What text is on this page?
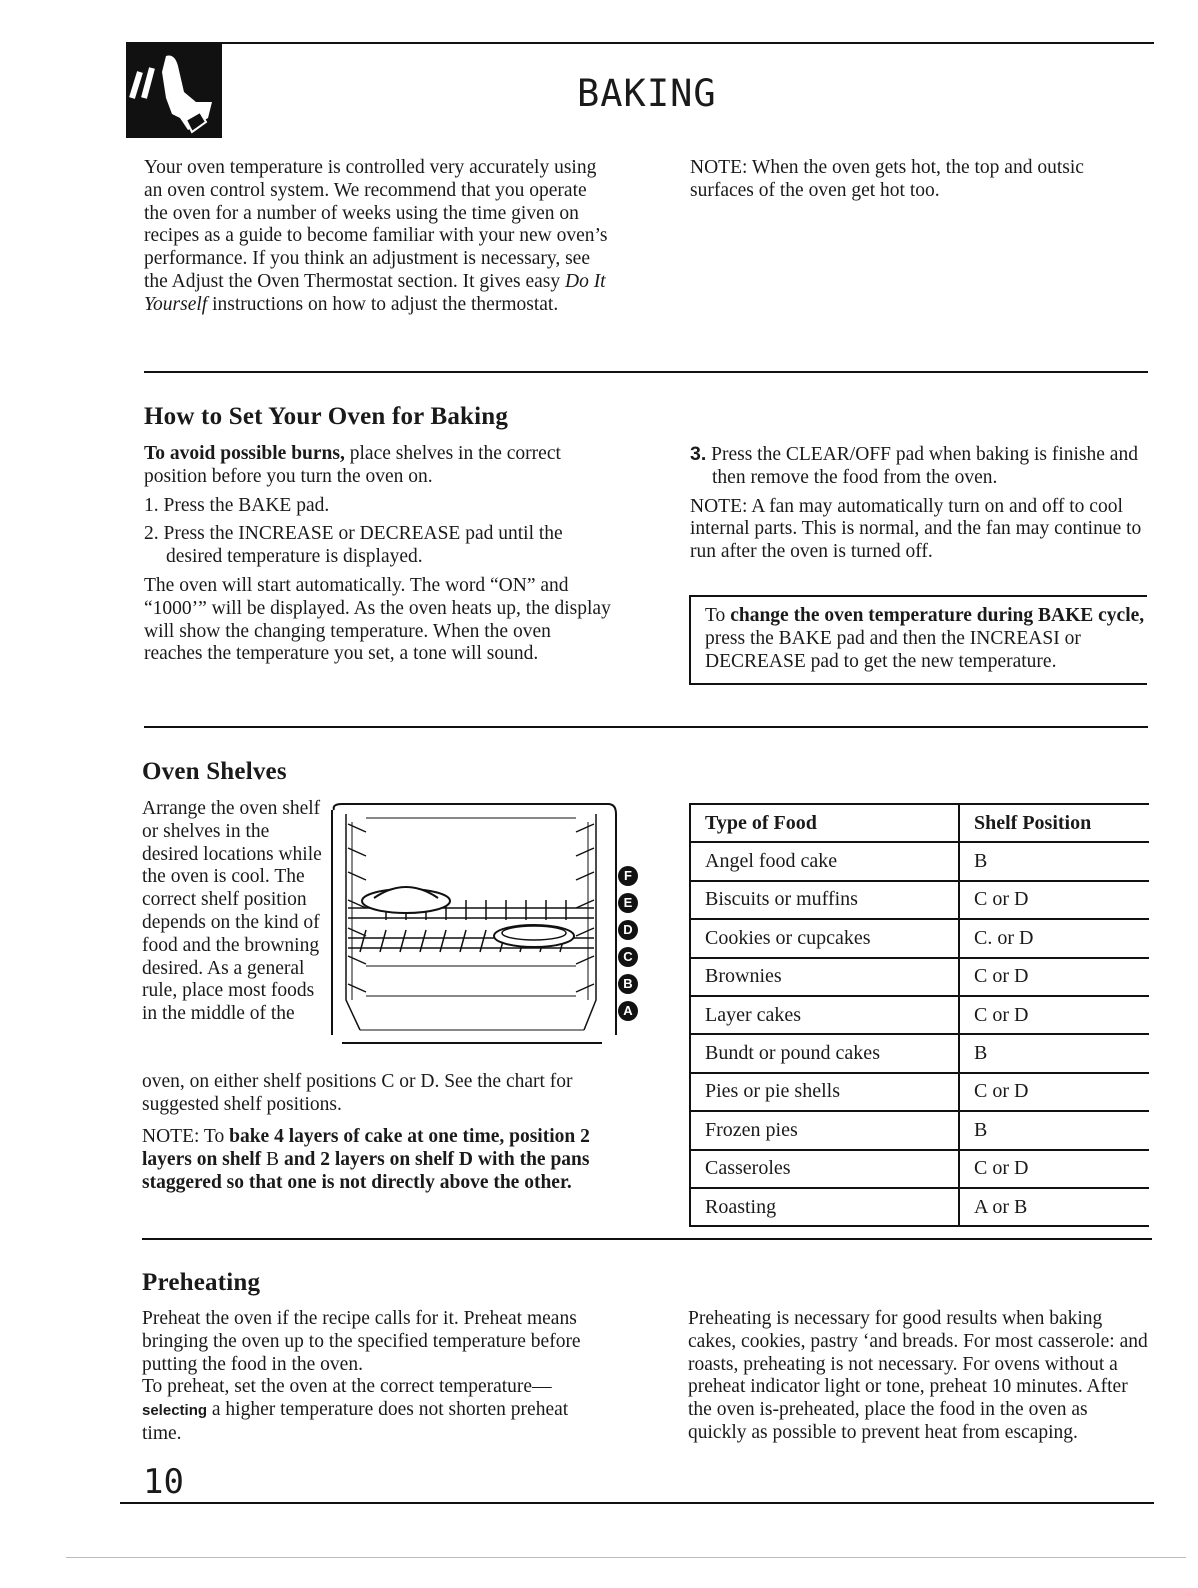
BAKING
Your oven temperature is controlled very accurately using an oven control system. We recommend that you operate the oven for a number of weeks using the time given on recipes as a guide to become familiar with your new oven’s performance. If you think an adjustment is necessary, see the Adjust the Oven Thermostat section. It gives easy Do It Yourself instructions on how to adjust the thermostat.
NOTE: When the oven gets hot, the top and outsic surfaces of the oven get hot too.
How to Set Your Oven for Baking

To avoid possible burns, place shelves in the correct position before you turn the oven on.

1. Press the BAKE pad.

2. Press the INCREASE or DECREASE pad until the desired temperature is displayed.

The oven will start automatically. The word “ON” and “1000’” will be displayed. As the oven heats up, the display will show the changing temperature. When the oven reaches the temperature you set, a tone will sound.

3. Press the CLEAR/OFF pad when baking is finishe and then remove the food from the oven.

NOTE: A fan may automatically turn on and off to cool internal parts. This is normal, and the fan may continue to run after the oven is turned off.

To change the oven temperature during BAKE cycle, press the BAKE pad and then the INCREASI or DECREASE pad to get the new temperature.
Oven Shelves
Arrange the oven shelf or shelves in the desired locations while the oven is cool. The correct shelf position depends on the kind of food and the browning desired. As a general rule, place most foods in the middle of the
oven, on either shelf positions C or D. See the chart for suggested shelf positions.
NOTE: To bake 4 layers of cake at one time, position 2 layers on shelf B and 2 layers on shelf D with the pans staggered so that one is not directly above the other.
F
E
D
C
B
A
Type of Food	Shelf Position
Angel food cake	B
Biscuits or muffins	C or D
Cookies or cupcakes	C. or D
Brownies	C or D
Layer cakes	C or D
Bundt or pound cakes	B
Pies or pie shells	C or D
Frozen pies	B
Casseroles	C or D
Roasting	A or B
Preheating

Preheat the oven if the recipe calls for it. Preheat means bringing the oven up to the specified temperature before putting the food in the oven.

To preheat, set the oven at the correct temperature—selecting a higher temperature does not shorten preheat time.

Preheating is necessary for good results when baking cakes, cookies, pastry ‘and breads. For most casserole: and roasts, preheating is not necessary. For ovens without a preheat indicator light or tone, preheat 10 minutes. After the oven is-preheated, place the food in the oven as quickly as possible to prevent heat from escaping.
10
